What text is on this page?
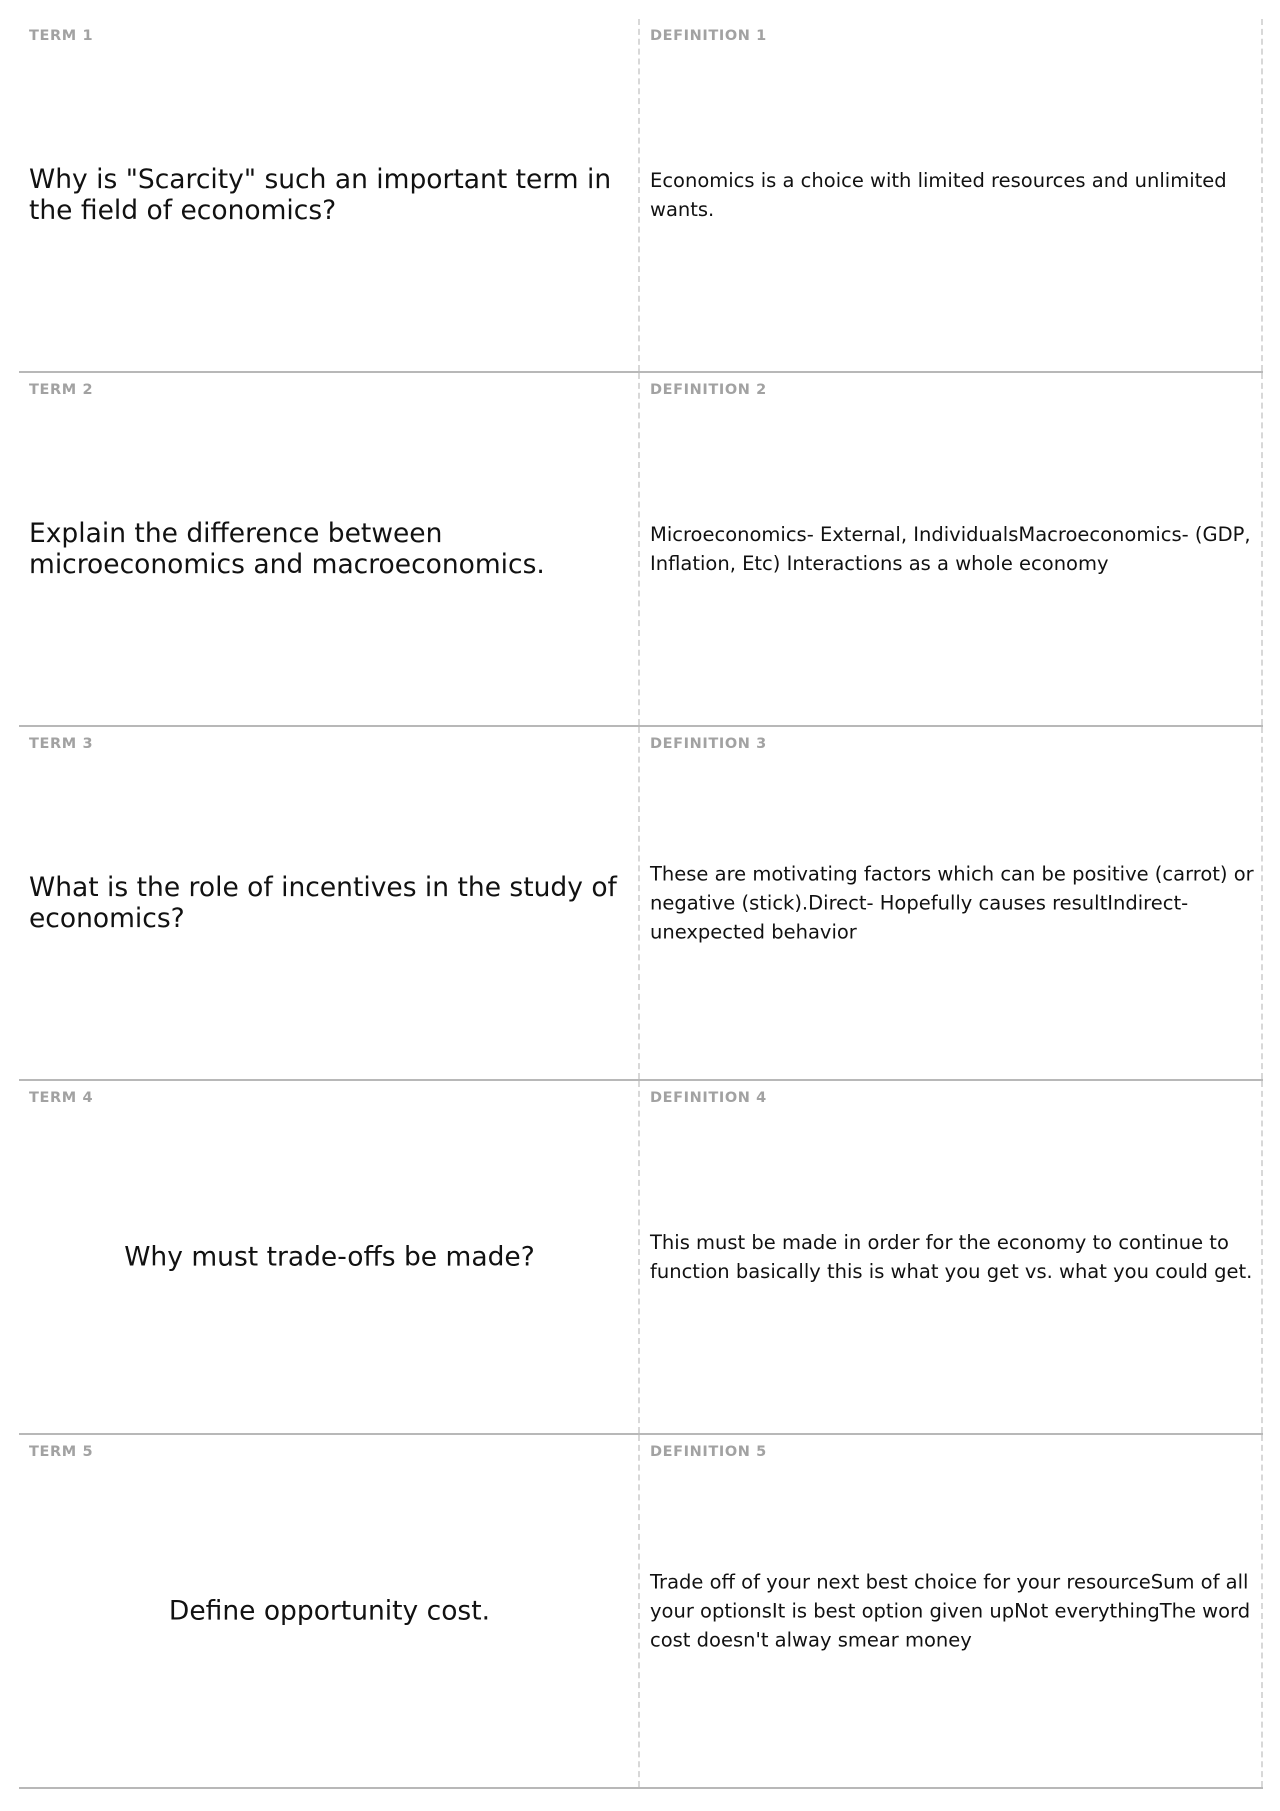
TERM 1
Why is "Scarcity" such an important term in the field of economics?
DEFINITION 1
Economics is a choice with limited resources and unlimited wants.
TERM 2
Explain the difference between microeconomics and macroeconomics.
DEFINITION 2
Microeconomics- External, IndividualsMacroeconomics- (GDP, Inflation, Etc) Interactions as a whole economy
TERM 3
What is the role of incentives in the study of economics?
DEFINITION 3
These are motivating factors which can be positive (carrot) or negative (stick).Direct- Hopefully causes resultIndirect- unexpected behavior
TERM 4
Why must trade-offs be made?
DEFINITION 4
This must be made in order for the economy to continue to function basically this is what you get vs. what you could get.
TERM 5
Define opportunity cost.
DEFINITION 5
Trade off of your next best choice for your resourceSum of all your optionsIt is best option given upNot everythingThe word cost doesn't alway smear money
